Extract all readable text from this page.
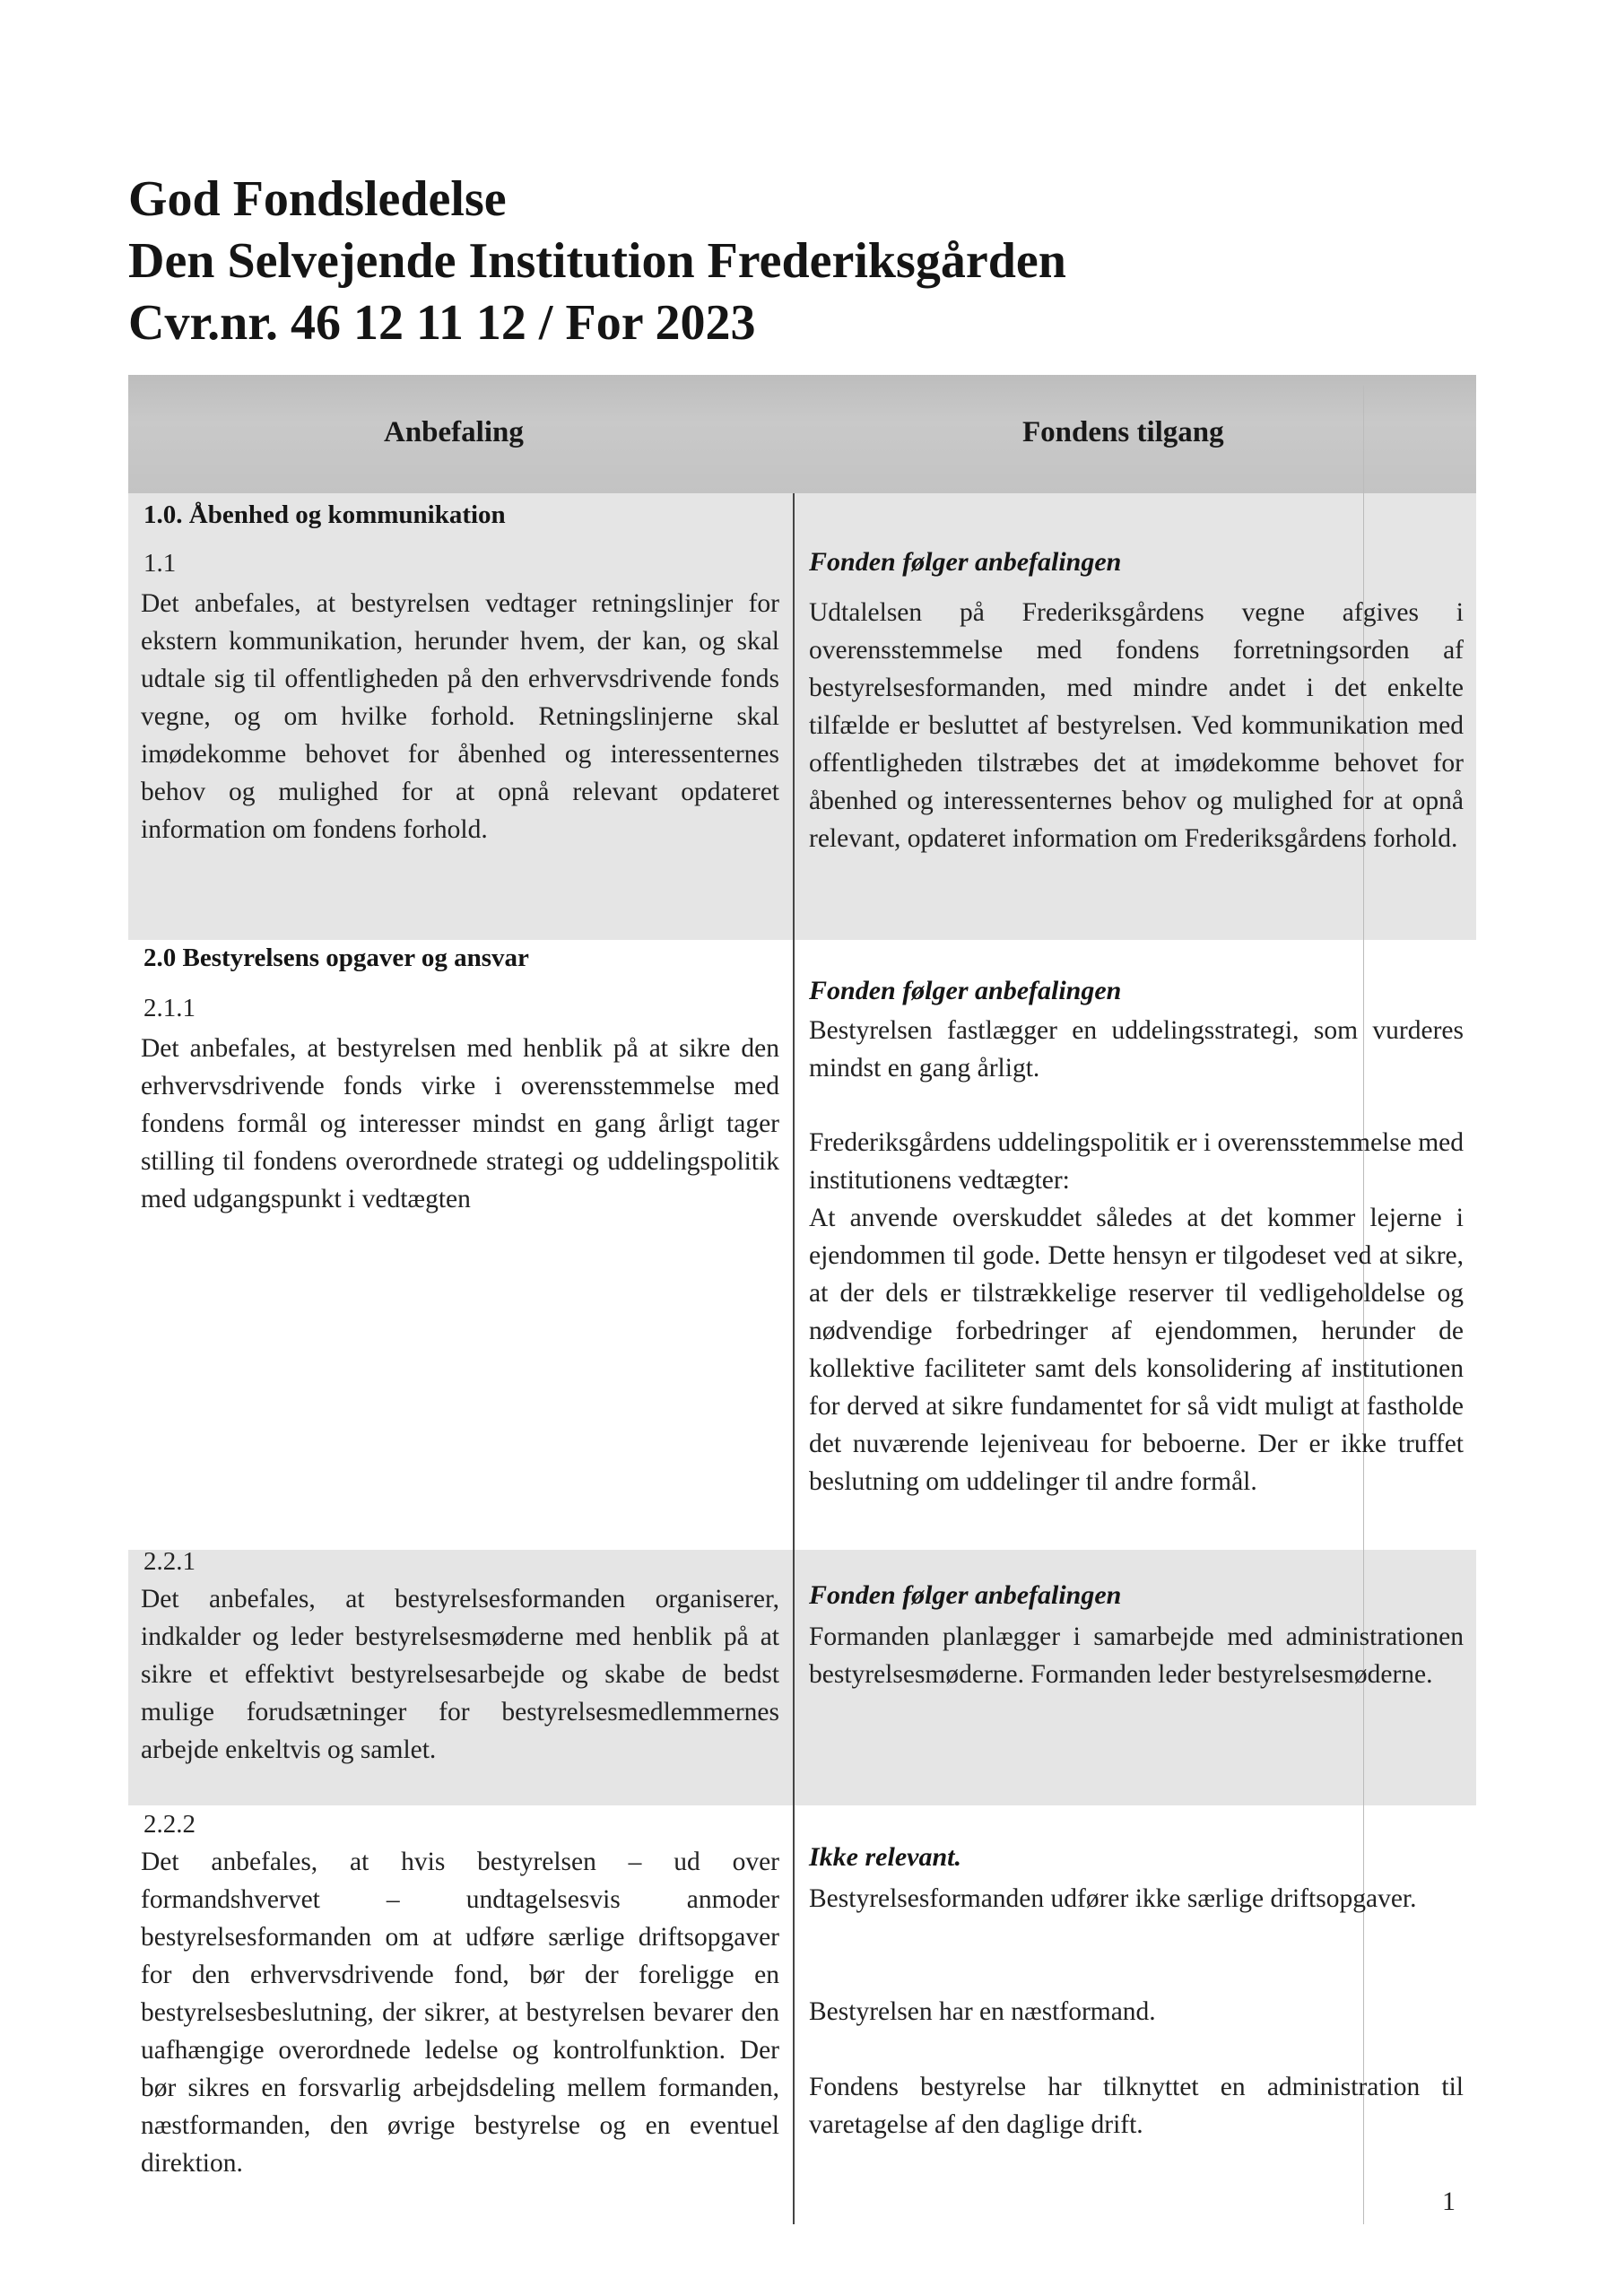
God Fondsledelse
Den Selvejende Institution Frederiksgården
Cvr.nr. 46 12 11 12 / For 2023
Anbefaling	Fondens tilgang
1.0. Åbenhed og kommunikation
1.1
Det anbefales, at bestyrelsen vedtager retningslinjer for ekstern kommunikation, herunder hvem, der kan, og skal udtale sig til offentligheden på den erhvervsdrivende fonds vegne, og om hvilke forhold. Retningslinjerne skal imødekomme behovet for åbenhed og interessenternes behov og mulighed for at opnå relevant opdateret information om fondens forhold.
Fonden følger anbefalingen
Udtalelsen på Frederiksgårdens vegne afgives i overensstemmelse med fondens forretningsorden af bestyrelsesformanden, med mindre andet i det enkelte tilfælde er besluttet af bestyrelsen. Ved kommunikation med offentligheden tilstræbes det at imødekomme behovet for åbenhed og interessenternes behov og mulighed for at opnå relevant, opdateret information om Frederiksgårdens forhold.
2.0 Bestyrelsens opgaver og ansvar
2.1.1
Det anbefales, at bestyrelsen med henblik på at sikre den erhvervsdrivende fonds virke i overensstemmelse med fondens formål og interesser mindst en gang årligt tager stilling til fondens overordnede strategi og uddelingspolitik med udgangspunkt i vedtægten
Fonden følger anbefalingen
Bestyrelsen fastlægger en uddelingsstrategi, som vurderes mindst en gang årligt.
Frederiksgårdens uddelingspolitik er i overensstemmelse med institutionens vedtægter:
At anvende overskuddet således at det kommer lejerne i ejendommen til gode. Dette hensyn er tilgodeset ved at sikre, at der dels er tilstrækkelige reserver til vedligeholdelse og nødvendige forbedringer af ejendommen, herunder de kollektive faciliteter samt dels konsolidering af institutionen for derved at sikre fundamentet for så vidt muligt at fastholde det nuværende lejeniveau for beboerne. Der er ikke truffet beslutning om uddelinger til andre formål.
2.2.1
Det anbefales, at bestyrelsesformanden organiserer, indkalder og leder bestyrelsesmøderne med henblik på at sikre et effektivt bestyrelsesarbejde og skabe de bedst mulige forudsætninger for bestyrelsesmedlemmernes arbejde enkeltvis og samlet.
Fonden følger anbefalingen
Formanden planlægger i samarbejde med administrationen bestyrelsesmøderne. Formanden leder bestyrelsesmøderne.
2.2.2
Det anbefales, at hvis bestyrelsen – ud over formandshvervet – undtagelsesvis anmoder bestyrelsesformanden om at udføre særlige driftsopgaver for den erhvervsdrivende fond, bør der foreligge en bestyrelsesbeslutning, der sikrer, at bestyrelsen bevarer den uafhængige overordnede ledelse og kontrolfunktion. Der bør sikres en forsvarlig arbejdsdeling mellem formanden, næstformanden, den øvrige bestyrelse og en eventuel direktion.
Ikke relevant.
Bestyrelsesformanden udfører ikke særlige driftsopgaver.
Bestyrelsen har en næstformand.
Fondens bestyrelse har tilknyttet en administration til varetagelse af den daglige drift.
1
